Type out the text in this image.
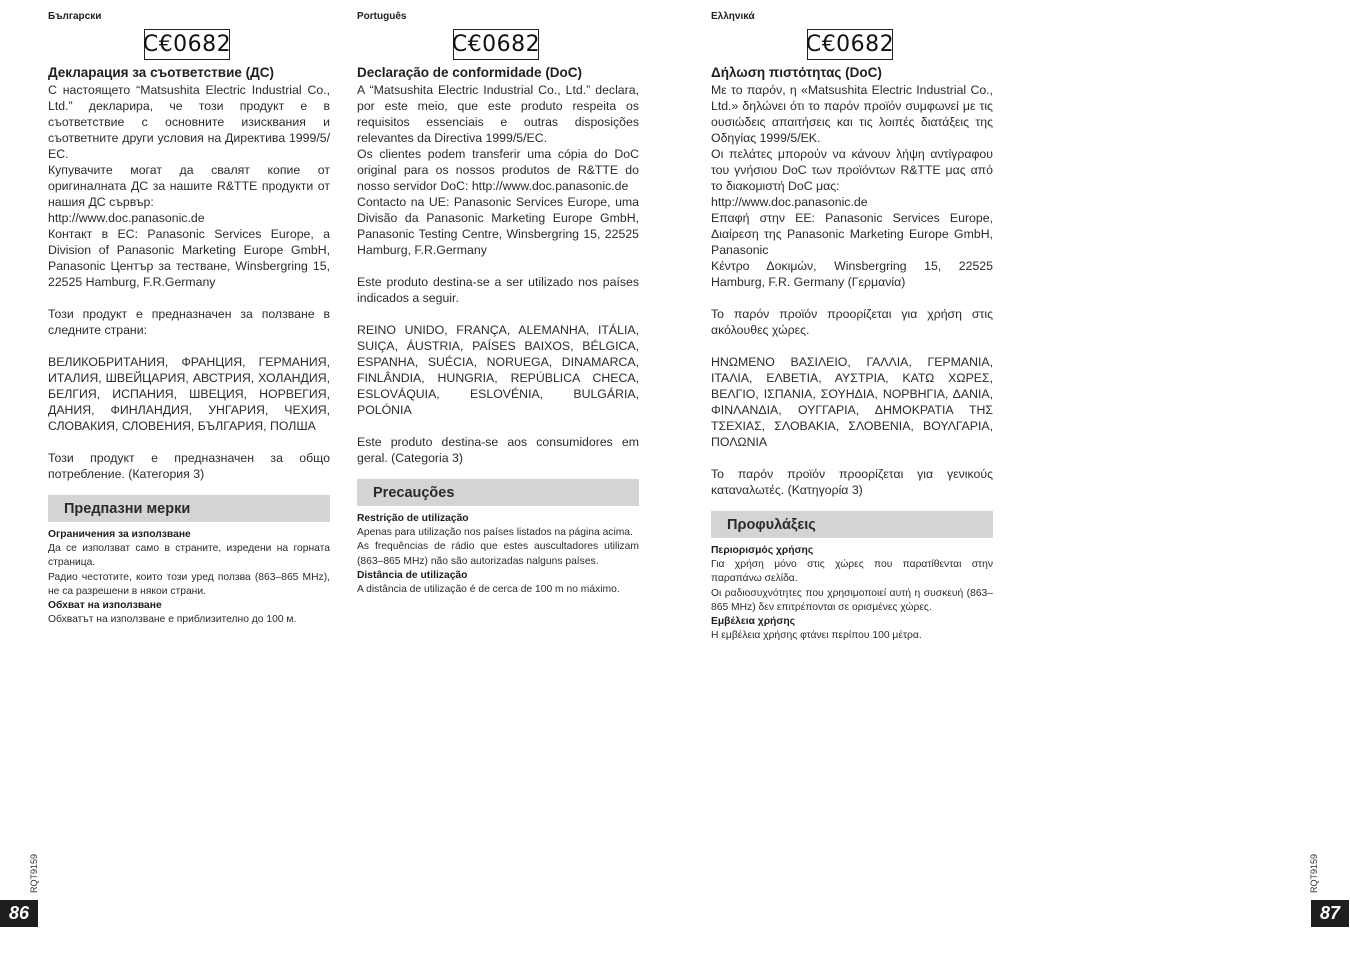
Български
C€0682

Декларация за съответствие (ДС)

С настоящето “Matsushita Electric Industrial Co., Ltd.” декларира, че този продукт е в съответствие с основните изисквания и съответните други условия на Директива 1999/5/ЕС.

Купувачите могат да свалят копие от оригиналната ДС за нашите R&TTE продукти от нашия ДС сървър:

http://www.doc.panasonic.de

Контакт в ЕС: Panasonic Services Europe, a Division of Panasonic Marketing Europe GmbH, Panasonic Център за тестване, Winsbergring 15, 22525 Hamburg, F.R.Germany

Този продукт е предназначен за ползване в следните страни:

ВЕЛИКОБРИТАНИЯ, ФРАНЦИЯ, ГЕРМАНИЯ, ИТАЛИЯ, ШВЕЙЦАРИЯ, АВСТРИЯ, ХОЛАНДИЯ, БЕЛГИЯ, ИСПАНИЯ, ШВЕЦИЯ, НОРВЕГИЯ, ДАНИЯ, ФИНЛАНДИЯ, УНГАРИЯ, ЧЕХИЯ, СЛОВАКИЯ, СЛОВЕНИЯ, БЪЛГАРИЯ, ПОЛША

Този продукт е предназначен за общо потребление. (Категория 3)

Предпазни мерки

Ограничения за използване

Да се използват само в страните, изредени на горната страница.

Радио честотите, които този уред ползва (863–865 MHz), не са разрешени в някои страни.

Обхват на използване

Обхватът на използване е приблизително до 100 м.

Português
C€0682

Declaração de conformidade (DoC)

A “Matsushita Electric Industrial Co., Ltd.” declara, por este meio, que este produto respeita os requisitos essenciais e outras disposições relevantes da Directiva 1999/5/EC.

Os clientes podem transferir uma cópia do DoC original para os nossos produtos de R&TTE do nosso servidor DoC: http://www.doc.panasonic.de

Contacto na UE: Panasonic Services Europe, uma Divisão da Panasonic Marketing Europe GmbH, Panasonic Testing Centre, Winsbergring 15, 22525 Hamburg, F.R.Germany

Este produto destina-se a ser utilizado nos países indicados a seguir.

REINO UNIDO, FRANÇA, ALEMANHA, ITÁLIA, SUIÇA, ÁUSTRIA, PAÍSES BAIXOS, BÉLGICA, ESPANHA, SUÉCIA, NORUEGA, DINAMARCA, FINLÂNDIA, HUNGRIA, REPÚBLICA CHECA, ESLOVÁQUIA, ESLOVÉNIA, BULGÁRIA, POLÓNIA

Este produto destina-se aos consumidores em geral. (Categoria 3)

Precauções

Restrição de utilização

Apenas para utilização nos países listados na página acima.

As frequências de rádio que estes auscultadores utilizam (863–865 MHz) não são autorizadas nalguns países.

Distância de utilização

A distância de utilização é de cerca de 100 m no máximo.

Ελληνικά
C€0682

Δήλωση πιστότητας (DoC)

Με το παρόν, η «Matsushita Electric Industrial Co., Ltd.» δηλώνει ότι το παρόν προϊόν συμφωνεί με τις ουσιώδεις απαιτήσεις και τις λοιπές διατάξεις της Οδηγίας 1999/5/ΕΚ.

Οι πελάτες μπορούν να κάνουν λήψη αντίγραφου του γνήσιου DoC των προϊόντων R&TTE μας από το διακομιστή DoC μας:

http://www.doc.panasonic.de

Επαφή στην ΕΕ: Panasonic Services Europe, Διαίρεση της Panasonic Marketing Europe GmbH, Panasonic

Κέντρο Δοκιμών, Winsbergring 15, 22525 Hamburg, F.R. Germany (Γερμανία)

Το παρόν προϊόν προορίζεται για χρήση στις ακόλουθες χώρες.

ΗΝΩΜΕΝΟ ΒΑΣΙΛΕΙΟ, ΓΑΛΛΙΑ, ΓΕΡΜΑΝΙΑ, ΙΤΑΛΙΑ, ΕΛΒΕΤΙΑ, ΑΥΣΤΡΙΑ, ΚΑΤΩ ΧΩΡΕΣ, ΒΕΛΓΙΟ, ΙΣΠΑΝΙΑ, ΣΟΥΗΔΙΑ, ΝΟΡΒΗΓΙΑ, ΔΑΝΙΑ, ΦΙΝΛΑΝΔΙΑ, ΟΥΓΓΑΡΙΑ, ΔΗΜΟΚΡΑΤΙΑ ΤΗΣ ΤΣΕΧΙΑΣ, ΣΛΟΒΑΚΙΑ, ΣΛΟΒΕΝΙΑ, ΒΟΥΛΓΑΡΙΑ, ΠΟΛΩΝΙΑ

Το παρόν προϊόν προορίζεται για γενικούς καταναλωτές. (Κατηγορία 3)

Προφυλάξεις

Περιορισμός χρήσης

Για χρήση μόνο στις χώρες που παρατίθενται στην παραπάνω σελίδα.

Οι ραδιοσυχνότητες που χρησιμοποιεί αυτή η συσκευή (863–865 MHz) δεν επιτρέπονται σε ορισμένες χώρες.

Εμβέλεια χρήσης

Η εμβέλεια χρήσης φτάνει περίπου 100 μέτρα.

RQT9159
86
RQT9159
87
